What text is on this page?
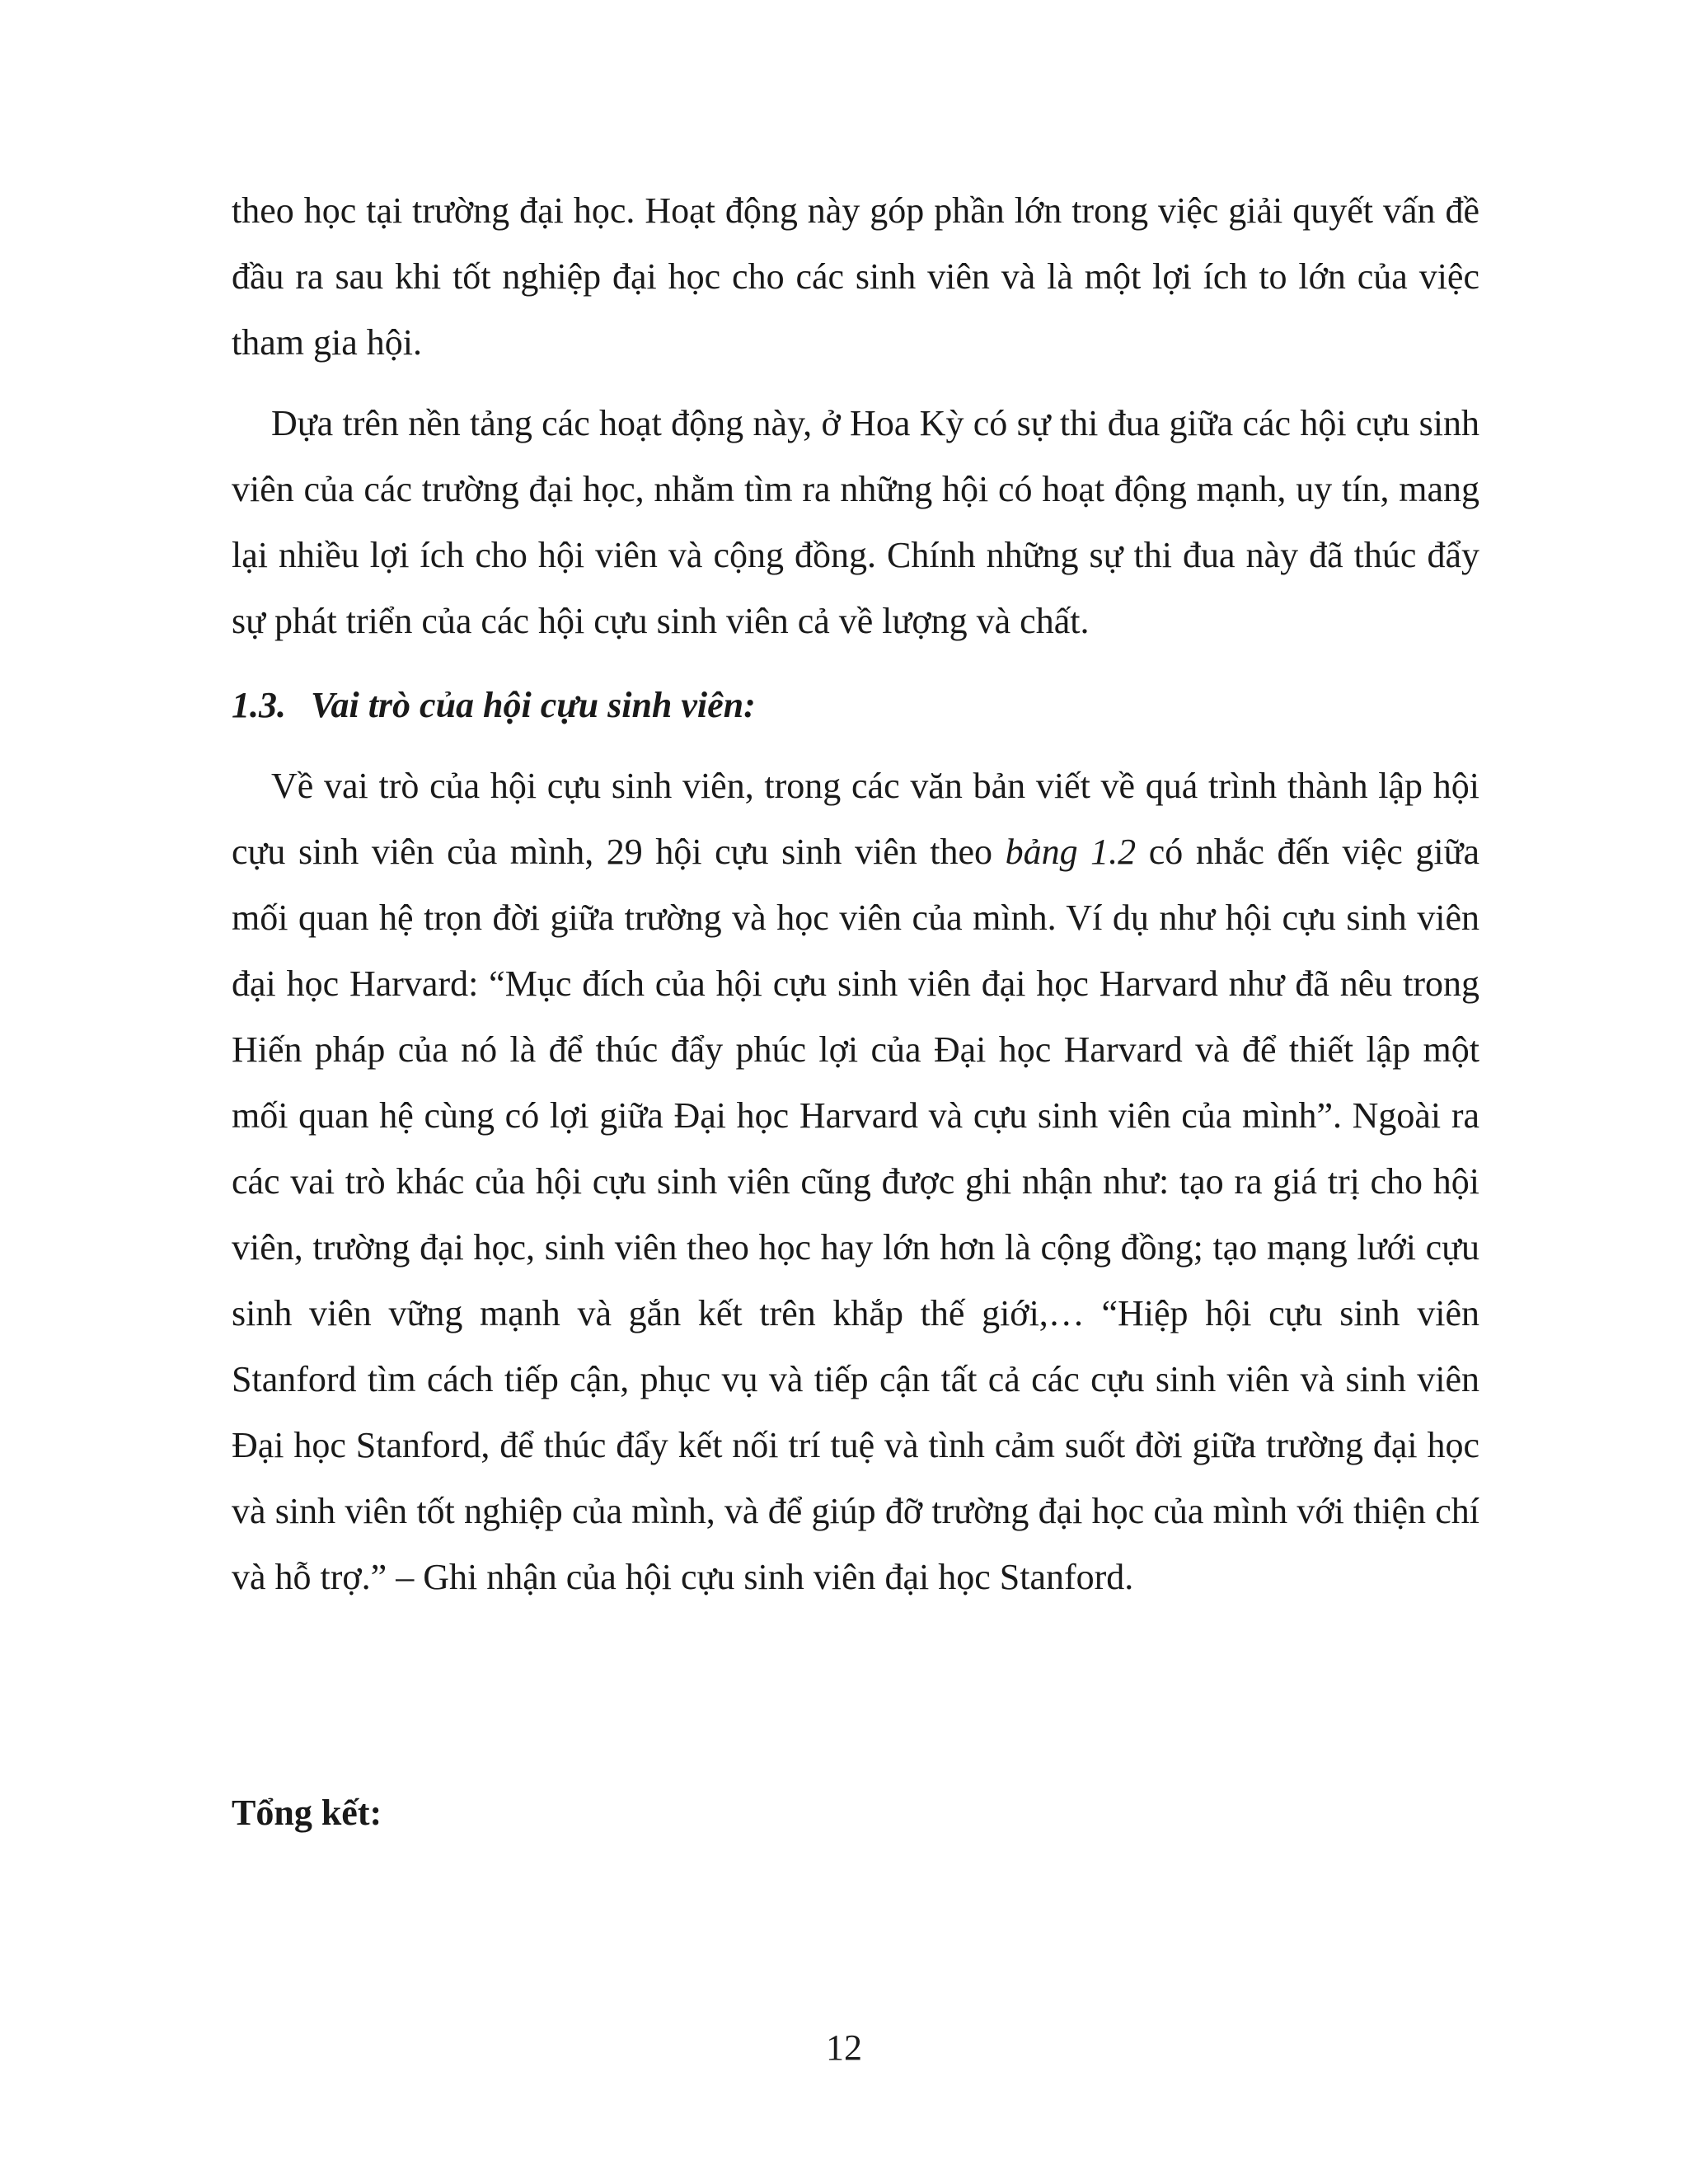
theo học tại trường đại học. Hoạt động này góp phần lớn trong việc giải quyết vấn đề đầu ra sau khi tốt nghiệp đại học cho các sinh viên và là một lợi ích to lớn của việc tham gia hội.

Dựa trên nền tảng các hoạt động này, ở Hoa Kỳ có sự thi đua giữa các hội cựu sinh viên của các trường đại học, nhằm tìm ra những hội có hoạt động mạnh, uy tín, mang lại nhiều lợi ích cho hội viên và cộng đồng. Chính những sự thi đua này đã thúc đẩy sự phát triển của các hội cựu sinh viên cả về lượng và chất.

1.3. Vai trò của hội cựu sinh viên:

Về vai trò của hội cựu sinh viên, trong các văn bản viết về quá trình thành lập hội cựu sinh viên của mình, 29 hội cựu sinh viên theo bảng 1.2 có nhắc đến việc giữa mối quan hệ trọn đời giữa trường và học viên của mình. Ví dụ như hội cựu sinh viên đại học Harvard: “Mục đích của hội cựu sinh viên đại học Harvard như đã nêu trong Hiến pháp của nó là để thúc đẩy phúc lợi của Đại học Harvard và để thiết lập một mối quan hệ cùng có lợi giữa Đại học Harvard và cựu sinh viên của mình”. Ngoài ra các vai trò khác của hội cựu sinh viên cũng được ghi nhận như: tạo ra giá trị cho hội viên, trường đại học, sinh viên theo học hay lớn hơn là cộng đồng; tạo mạng lưới cựu sinh viên vững mạnh và gắn kết trên khắp thế giới,… “Hiệp hội cựu sinh viên Stanford tìm cách tiếp cận, phục vụ và tiếp cận tất cả các cựu sinh viên và sinh viên Đại học Stanford, để thúc đẩy kết nối trí tuệ và tình cảm suốt đời giữa trường đại học và sinh viên tốt nghiệp của mình, và để giúp đỡ trường đại học của mình với thiện chí và hỗ trợ.” – Ghi nhận của hội cựu sinh viên đại học Stanford.

Tổng kết:

12
